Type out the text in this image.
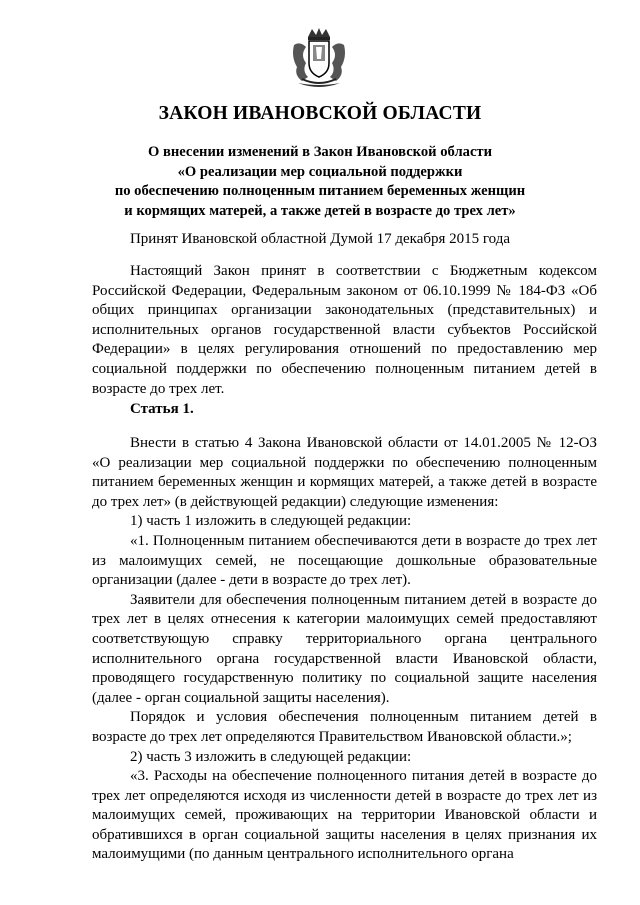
ЗАКОН ИВАНОВСКОЙ ОБЛАСТИ
О внесении изменений в Закон Ивановской области
«О реализации мер социальной поддержки
по обеспечению полноценным питанием беременных женщин
и кормящих матерей, а также детей в возрасте до трех лет»
Принят Ивановской областной Думой 17 декабря 2015 года

Настоящий Закон принят в соответствии с Бюджетным кодексом Российской Федерации, Федеральным законом от 06.10.1999 № 184-ФЗ «Об общих принципах организации законодательных (представительных) и исполнительных органов государственной власти субъектов Российской Федерации» в целях регулирования отношений по предоставлению мер социальной поддержки по обеспечению полноценным питанием детей в возрасте до трех лет.

Статья 1.

Внести в статью 4 Закона Ивановской области от 14.01.2005 № 12-ОЗ «О реализации мер социальной поддержки по обеспечению полноценным питанием беременных женщин и кормящих матерей, а также детей в возрасте до трех лет» (в действующей редакции) следующие изменения:

1) часть 1 изложить в следующей редакции:

«1. Полноценным питанием обеспечиваются дети в возрасте до трех лет из малоимущих семей, не посещающие дошкольные образовательные организации (далее - дети в возрасте до трех лет).

Заявители для обеспечения полноценным питанием детей в возрасте до трех лет в целях отнесения к категории малоимущих семей предоставляют соответствующую справку территориального органа центрального исполнительного органа государственной власти Ивановской области, проводящего государственную политику по социальной защите населения (далее - орган социальной защиты населения).

Порядок и условия обеспечения полноценным питанием детей в возрасте до трех лет определяются Правительством Ивановской области.»;

2) часть 3 изложить в следующей редакции:

«3. Расходы на обеспечение полноценного питания детей в возрасте до трех лет определяются исходя из численности детей в возрасте до трех лет из малоимущих семей, проживающих на территории Ивановской области и обратившихся в орган социальной защиты населения в целях признания их малоимущими (по данным центрального исполнительного органа
